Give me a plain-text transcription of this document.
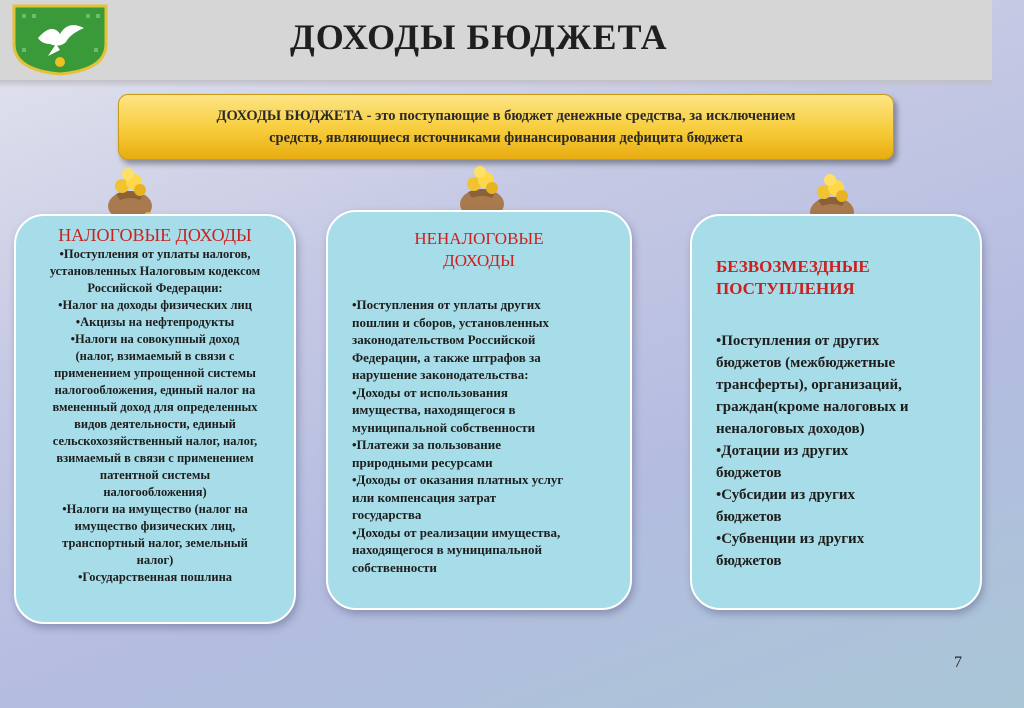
ДОХОДЫ БЮДЖЕТА
ДОХОДЫ БЮДЖЕТА - это поступающие в бюджет денежные средства, за исключением
средств, являющиеся источниками финансирования дефицита бюджета

НАЛОГОВЫЕ ДОХОДЫ

•Поступления от уплаты налогов,
установленных Налоговым кодексом
Российской Федерации:
•Налог на доходы физических лиц
•Акцизы на нефтепродукты
•Налоги на совокупный доход
(налог, взимаемый в связи с
применением упрощенной системы
налогообложения, единый налог на
вмененный доход для определенных
видов деятельности, единый
сельскохозяйственный налог, налог,
взимаемый в связи с применением
патентной системы
налогообложения)
•Налоги на имущество (налог на
имущество физических лиц,
транспортный налог, земельный
налог)
•Государственная пошлина

НЕНАЛОГОВЫЕ
ДОХОДЫ

•Поступления от уплаты других
пошлин и сборов, установленных
законодательством Российской
Федерации, а также штрафов за
нарушение законодательства:
•Доходы от использования
имущества, находящегося в
муниципальной собственности
•Платежи за пользование
природными ресурсами
•Доходы от оказания платных услуг
или компенсация затрат
государства
•Доходы от реализации имущества,
находящегося в муниципальной
собственности

БЕЗВОЗМЕЗДНЫЕ
ПОСТУПЛЕНИЯ

•Поступления от других
бюджетов (межбюджетные
трансферты), организаций,
граждан(кроме налоговых и
неналоговых доходов)
•Дотации из других
бюджетов
•Субсидии из других
бюджетов
•Субвенции из других
бюджетов
7
